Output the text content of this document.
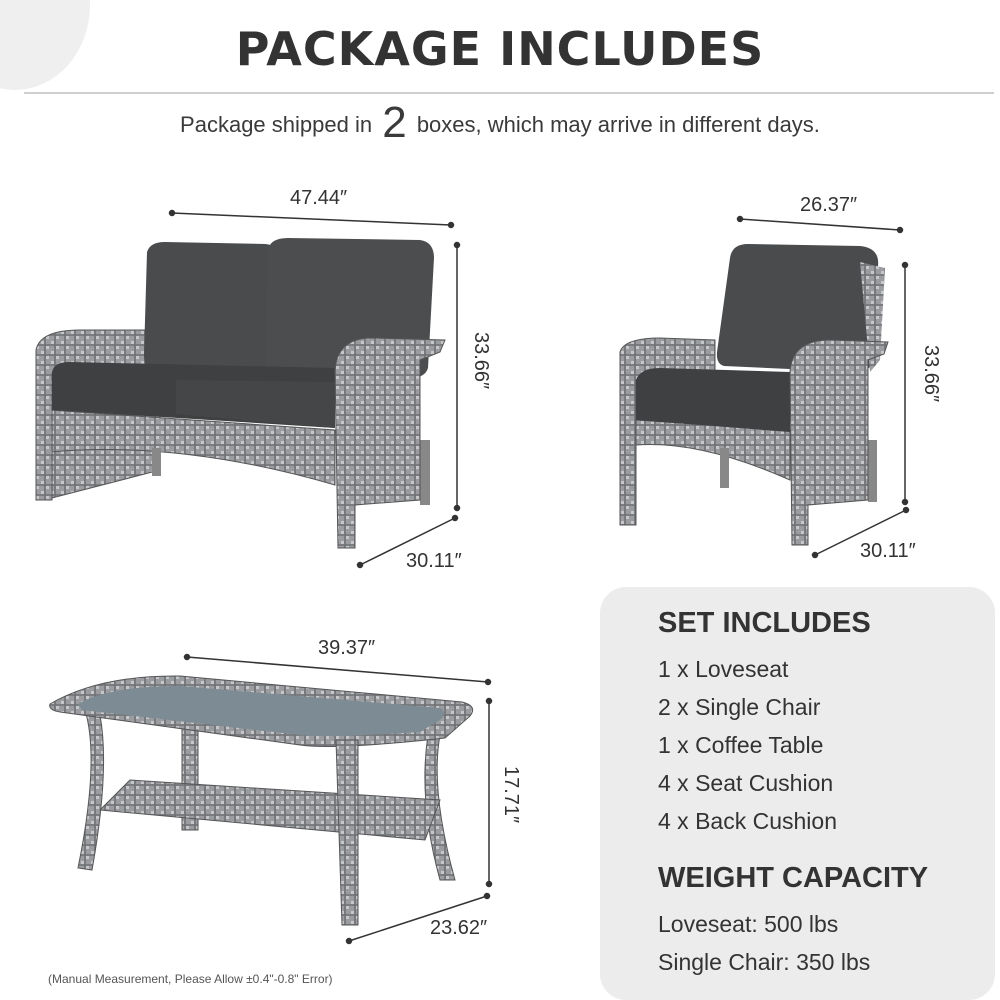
PACKAGE INCLUDES
Package shipped in 2 boxes, which may arrive in different days.
47.44″
33.66″
30.11″
26.37″
33.66″
30.11″
39.37″
17.71″
23.62″
SET INCLUDES
1 x Loveseat
2 x Single Chair
1 x Coffee Table
4 x Seat Cushion
4 x Back Cushion
WEIGHT CAPACITY
Loveseat: 500 lbs
Single Chair: 350 lbs
(Manual Measurement, Please Allow ±0.4"-0.8" Error)
